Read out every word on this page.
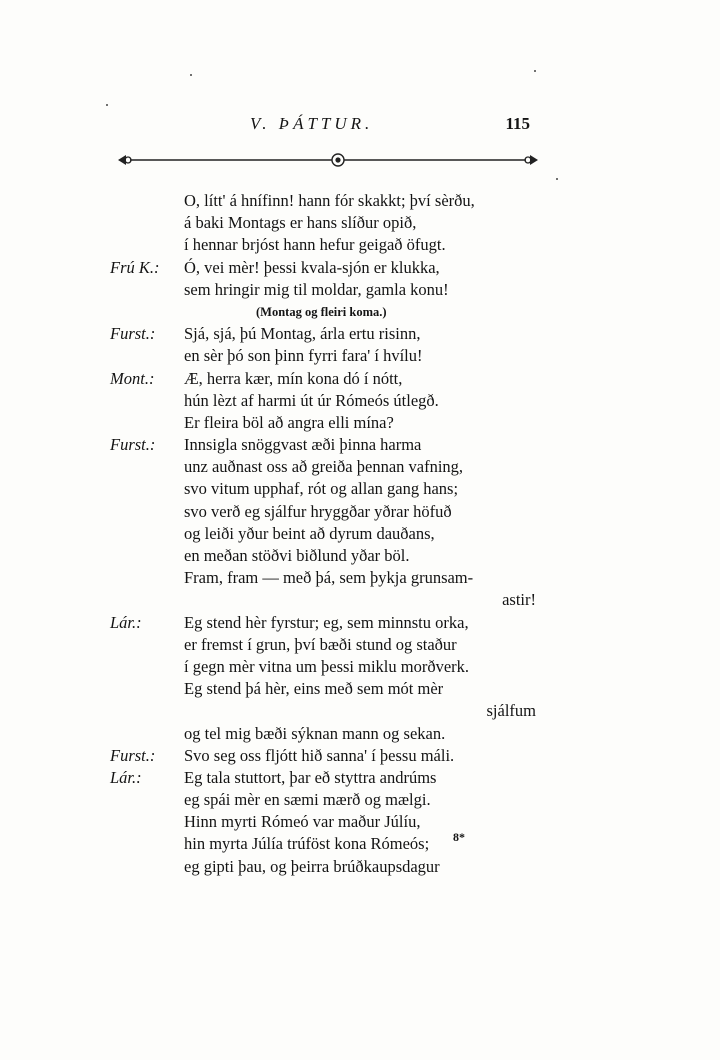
V. ÞÁTTUR.	115
O, lítt' á hnífinn! hann fór skakkt; því sèrðu,
á baki Montags er hans slíður opið,
í hennar brjóst hann hefur geigað öfugt.
Frú K.: Ó, vei mèr! þessi kvala-sjón er klukka,
sem hringir mig til moldar, gamla konu!
(Montag og fleiri koma.)
Furst.: Sjá, sjá, þú Montag, árla ertu risinn,
en sèr þó son þinn fyrri fara' í hvílu!
Mont.: Æ, herra kær, mín kona dó í nótt,
hún lèzt af harmi út úr Rómeós útlegð.
Er fleira böl að angra elli mína?
Furst.: Innsigla snöggvast æði þinna harma
unz auðnast oss að greiða þennan vafning,
svo vitum upphaf, rót og allan gang hans;
svo verð eg sjálfur hryggðar yðrar höfuð
og leiði yður beint að dyrum dauðans,
en meðan stöðvi biðlund yðar böl.
Fram, fram — með þá, sem þykja grunsam-
astir!
Lár.:	Eg stend hèr fyrstur; eg, sem minnstu orka,
er fremst í grun, því bæði stund og staður
í gegn mèr vitna um þessi miklu morðverk.
Eg stend þá hèr, eins með sem mót mèr
sjálfum
og tel mig bæði sýknan mann og sekan.
Furst.: Svo seg oss fljótt hið sanna' í þessu máli.
Lár.:	Eg tala stuttort, þar eð styttra andrúms
eg spái mèr en sæmi mærð og mælgi.
Hinn myrti Rómeó var maður Júlíu,
hin myrta Júlía trúföst kona Rómeós;
eg gipti þau, og þeirra brúðkaupsdagur
8*
